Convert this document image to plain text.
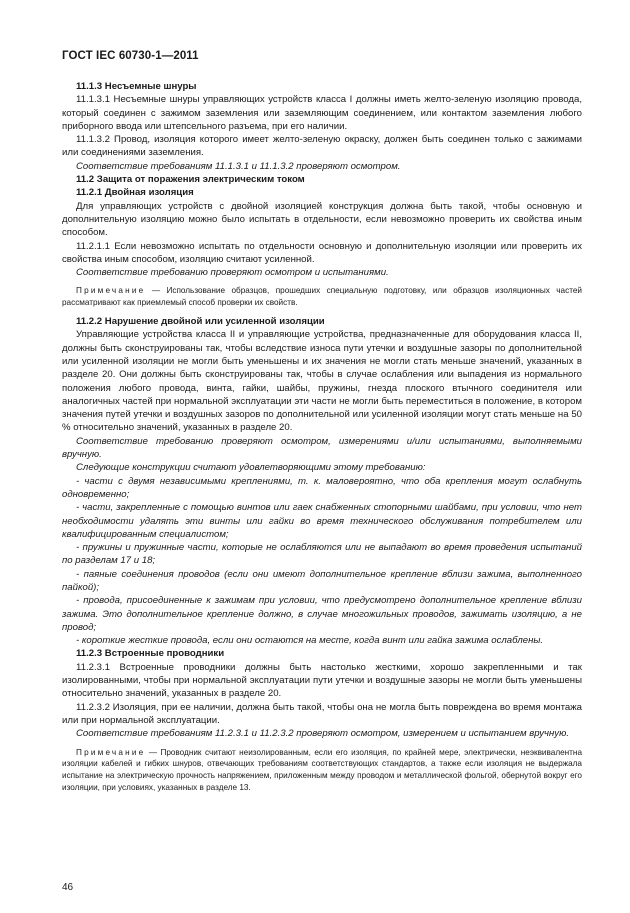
ГОСТ IEC 60730-1—2011

11.1.3 Несъемные шнуры

11.1.3.1 Несъемные шнуры управляющих устройств класса I должны иметь желто-зеленую изоляцию провода, который соединен с зажимом заземления или заземляющим соединением, или контактом заземления любого приборного ввода или штепсельного разъема, при его наличии.

11.1.3.2 Провод, изоляция которого имеет желто-зеленую окраску, должен быть соединен только с зажимами или соединениями заземления.

Соответствие требованиям 11.1.3.1 и 11.1.3.2 проверяют осмотром.

11.2 Защита от поражения электрическим током

11.2.1 Двойная изоляция

Для управляющих устройств с двойной изоляцией конструкция должна быть такой, чтобы основную и дополнительную изоляцию можно было испытать в отдельности, если невозможно проверить их свойства иным способом.

11.2.1.1 Если невозможно испытать по отдельности основную и дополнительную изоляции или проверить их свойства иным способом, изоляцию считают усиленной.

Соответствие требованию проверяют осмотром и испытаниями.

Примечание — Использование образцов, прошедших специальную подготовку, или образцов изоляционных частей рассматривают как приемлемый способ проверки их свойств.

11.2.2 Нарушение двойной или усиленной изоляции

Управляющие устройства класса II и управляющие устройства, предназначенные для оборудования класса II, должны быть сконструированы так, чтобы вследствие износа пути утечки и воздушные зазоры по дополнительной или усиленной изоляции не могли быть уменьшены и их значения не могли стать меньше значений, указанных в разделе 20. Они должны быть сконструированы так, чтобы в случае ослабления или выпадения из нормального положения любого провода, винта, гайки, шайбы, пружины, гнезда плоского втычного соединителя или аналогичных частей при нормальной эксплуатации эти части не могли быть переместиться в положение, в котором значения путей утечки и воздушных зазоров по дополнительной или усиленной изоляции могут стать меньше на 50 % относительно значений, указанных в разделе 20.

Соответствие требованию проверяют осмотром, измерениями и/или испытаниями, выполняемыми вручную.

Следующие конструкции считают удовлетворяющими этому требованию:

- части с двумя независимыми креплениями, т. к. маловероятно, что оба крепления могут ослабнуть одновременно;

- части, закрепленные с помощью винтов или гаек снабженных стопорными шайбами, при условии, что нет необходимости удалять эти винты или гайки во время технического обслуживания потребителем или квалифицированным специалистом;

- пружины и пружинные части, которые не ослабляются или не выпадают во время проведения испытаний по разделам 17 и 18;

- паяные соединения проводов (если они имеют дополнительное крепление вблизи зажима, выполненного пайкой);

- провода, присоединенные к зажимам при условии, что предусмотрено дополнительное крепление вблизи зажима. Это дополнительное крепление должно, в случае многожильных проводов, зажимать изоляцию, а не провод;

- короткие жесткие провода, если они остаются на месте, когда винт или гайка зажима ослаблены.

11.2.3 Встроенные проводники

11.2.3.1 Встроенные проводники должны быть настолько жесткими, хорошо закрепленными и так изолированными, чтобы при нормальной эксплуатации пути утечки и воздушные зазоры не могли быть уменьшены относительно значений, указанных в разделе 20.

11.2.3.2 Изоляция, при ее наличии, должна быть такой, чтобы она не могла быть повреждена во время монтажа или при нормальной эксплуатации.

Соответствие требованиям 11.2.3.1 и 11.2.3.2 проверяют осмотром, измерением и испытанием вручную.

Примечание — Проводник считают неизолированным, если его изоляция, по крайней мере, электрически, неэквивалентна изоляции кабелей и гибких шнуров, отвечающих требованиям соответствующих стандартов, а также если изоляция не выдержала испытание на электрическую прочность напряжением, приложенным между проводом и металлической фольгой, обернутой вокруг его изоляции, при условиях, указанных в разделе 13.

46
